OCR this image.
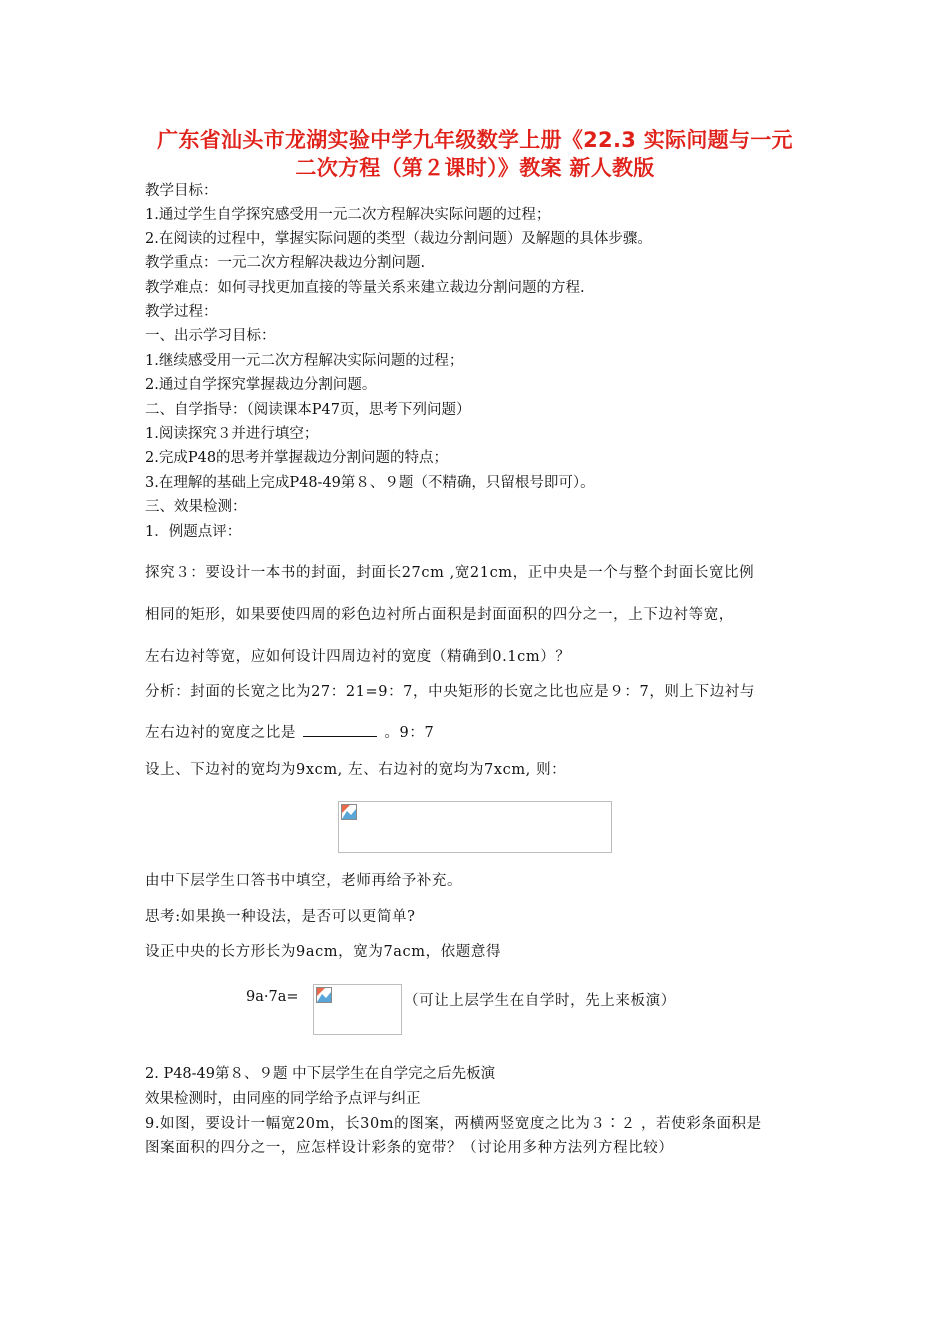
广东省汕头市龙湖实验中学九年级数学上册《22.3 实际问题与一元
二次方程（第２课时）》教案 新人教版
教学目标：
1.通过学生自学探究感受用一元二次方程解决实际问题的过程；
2.在阅读的过程中，掌握实际问题的类型（裁边分割问题）及解题的具体步骤。
教学重点：一元二次方程解决裁边分割问题.
教学难点：如何寻找更加直接的等量关系来建立裁边分割问题的方程.
教学过程：
一、出示学习目标：
1.继续感受用一元二次方程解决实际问题的过程；
2.通过自学探究掌握裁边分割问题。
二、自学指导：（阅读课本P47页，思考下列问题）
1.阅读探究３并进行填空；
2.完成P48的思考并掌握裁边分割问题的特点；
3.在理解的基础上完成P48-49第８、９题（不精确，只留根号即可）。
三、效果检测：
1．例题点评：
探究３：要设计一本书的封面，封面长27cm ,宽21cm，正中央是一个与整个封面长宽比例
相同的矩形，如果要使四周的彩色边衬所占面积是封面面积的四分之一，上下边衬等宽，
左右边衬等宽，应如何设计四周边衬的宽度（精确到0.1cm）？
分析：封面的长宽之比为27：21=9：7，中央矩形的长宽之比也应是９：7，则上下边衬与
左右边衬的宽度之比是	。9：7
设上、下边衬的宽均为9xcm, 左、右边衬的宽均为7xcm, 则：
由中下层学生口答书中填空，老师再给予补充。
思考:如果换一种设法，是否可以更简单?
设正中央的长方形长为9acm，宽为7acm，依题意得
9a·7a=	（可让上层学生在自学时，先上来板演）
2. P48-49第８、９题 中下层学生在自学完之后先板演
效果检测时，由同座的同学给予点评与纠正
9.如图，要设计一幅宽20m，长30m的图案，两横两竖宽度之比为３∶２ ，若使彩条面积是
图案面积的四分之一，应怎样设计彩条的宽带？（讨论用多种方法列方程比较）
